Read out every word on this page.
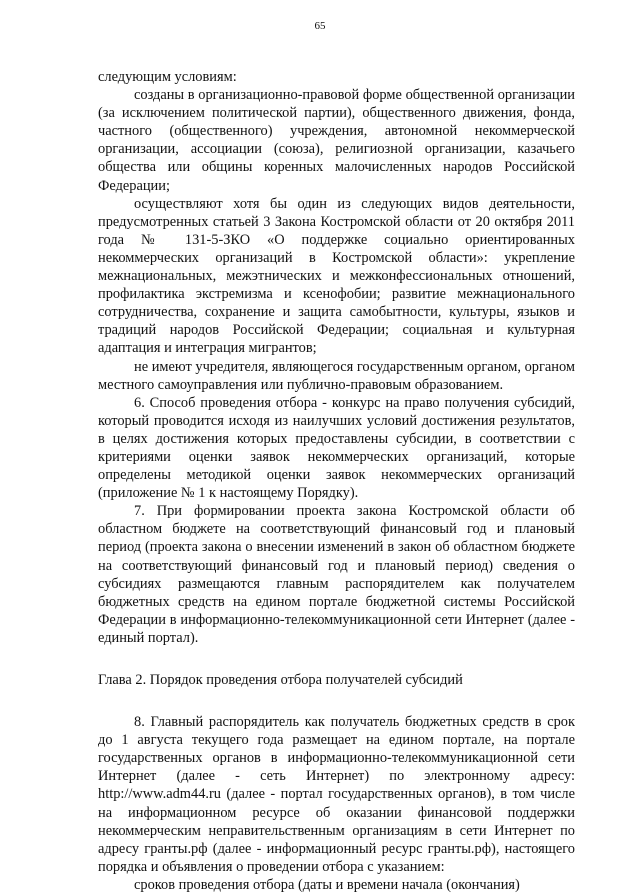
65

следующим условиям:

созданы в организационно-правовой форме общественной организации (за исключением политической партии), общественного движения, фонда, частного (общественного) учреждения, автономной некоммерческой организации, ассоциации (союза), религиозной организации, казачьего общества или общины коренных малочисленных народов Российской Федерации;

осуществляют хотя бы один из следующих видов деятельности, предусмотренных статьей 3 Закона Костромской области от 20 октября 2011 года № 131-5-ЗКО «О поддержке социально ориентированных некоммерческих организаций в Костромской области»: укрепление межнациональных, межэтнических и межконфессиональных отношений, профилактика экстремизма и ксенофобии; развитие межнационального сотрудничества, сохранение и защита самобытности, культуры, языков и традиций народов Российской Федерации; социальная и культурная адаптация и интеграция мигрантов;

не имеют учредителя, являющегося государственным органом, органом местного самоуправления или публично-правовым образованием.

6. Способ проведения отбора - конкурс на право получения субсидий, который проводится исходя из наилучших условий достижения результатов, в целях достижения которых предоставлены субсидии, в соответствии с критериями оценки заявок некоммерческих организаций, которые определены методикой оценки заявок некоммерческих организаций (приложение № 1 к настоящему Порядку).

7. При формировании проекта закона Костромской области об областном бюджете на соответствующий финансовый год и плановый период (проекта закона о внесении изменений в закон об областном бюджете на соответствующий финансовый год и плановый период) сведения о субсидиях размещаются главным распорядителем как получателем бюджетных средств на едином портале бюджетной системы Российской Федерации в информационно-телекоммуникационной сети Интернет (далее - единый портал).

Глава 2. Порядок проведения отбора получателей субсидий

8. Главный распорядитель как получатель бюджетных средств в срок до 1 августа текущего года размещает на едином портале, на портале государственных органов в информационно-телекоммуникационной сети Интернет (далее - сеть Интернет) по электронному адресу: http://www.adm44.ru (далее - портал государственных органов), в том числе на информационном ресурсе об оказании финансовой поддержки некоммерческим неправительственным организациям в сети Интернет по адресу гранты.рф (далее - информационный ресурс гранты.рф), настоящего порядка и объявления о проведении отбора с указанием:

сроков проведения отбора (даты и времени начала (окончания)
